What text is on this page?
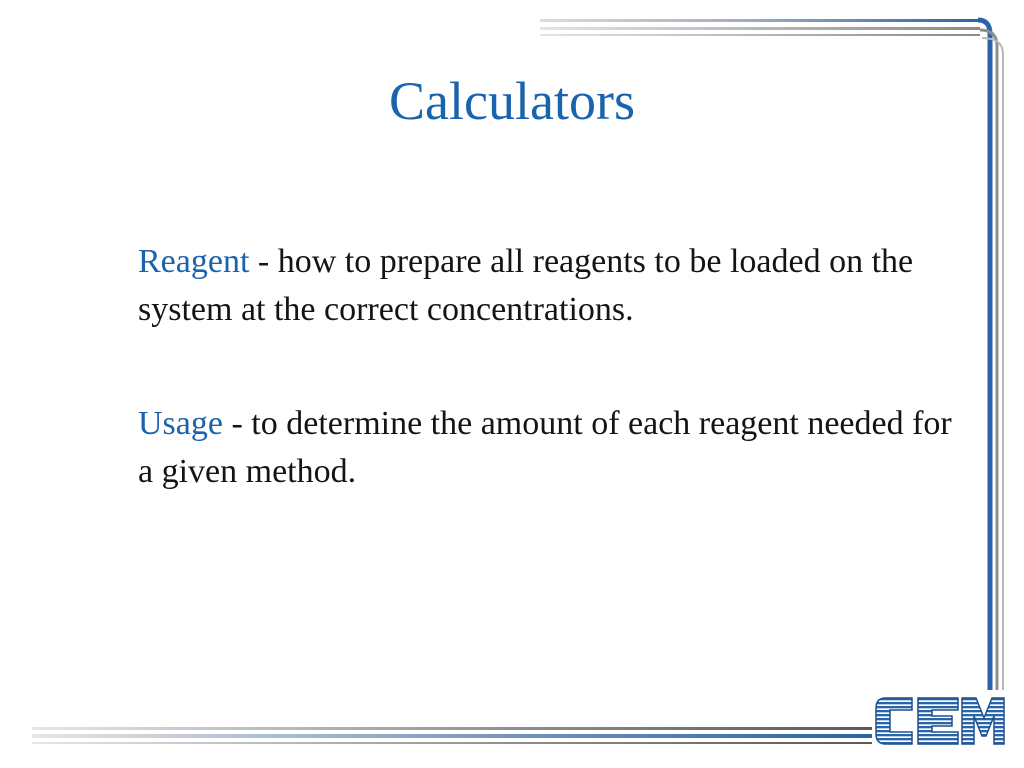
Calculators

Reagent - how to prepare all reagents to be loaded on the system at the correct concentrations.

Usage - to determine the amount of each reagent needed for a given method.
